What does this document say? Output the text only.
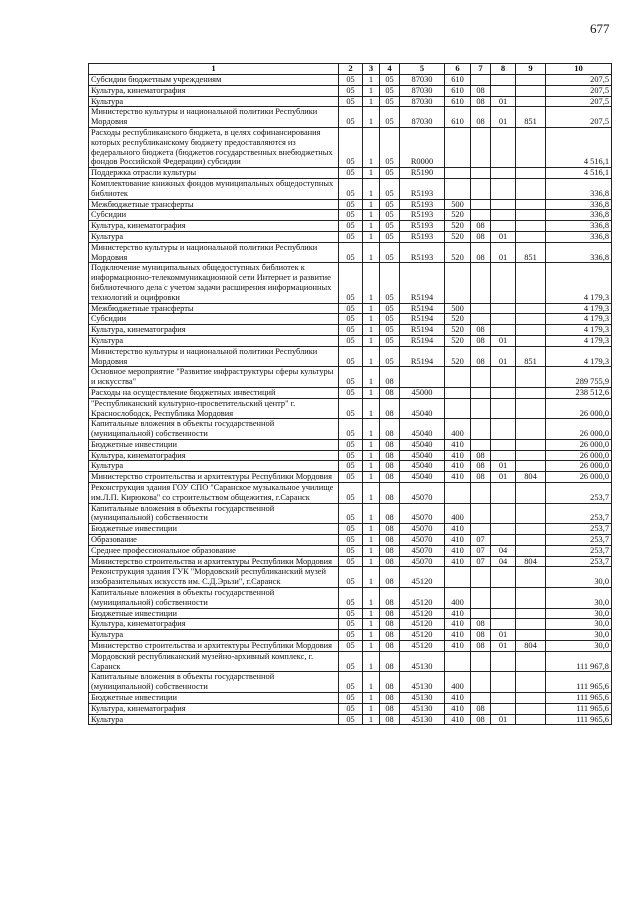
677
1	2	3	4	5	6	7	8	9	10
Субсидии бюджетным учреждениям	05	1	05	87030	610				207,5
Культура, кинематография	05	1	05	87030	610	08			207,5
Культура	05	1	05	87030	610	08	01		207,5
Министерство культуры и национальной политики Республики Мордовия	05	1	05	87030	610	08	01	851	207,5
Расходы республиканского бюджета, в целях софинансирования которых республиканскому бюджету предоставляются из федерального бюджета (бюджетов государственных внебюджетных фондов Российской Федерации) субсидии	05	1	05	R0000					4 516,1
Поддержка отрасли культуры	05	1	05	R5190					4 516,1
Комплектование книжных фондов муниципальных общедоступных библиотек	05	1	05	R5193					336,8
Межбюджетные трансферты	05	1	05	R5193	500				336,8
Субсидии	05	1	05	R5193	520				336,8
Культура, кинематография	05	1	05	R5193	520	08			336,8
Культура	05	1	05	R5193	520	08	01		336,8
Министерство культуры и национальной политики Республики Мордовия	05	1	05	R5193	520	08	01	851	336,8
Подключение муниципальных общедоступных библиотек к информационно-телекоммуникационной сети Интернет и развитие библиотечного дела с учетом задачи расширения информационных технологий и оцифровки	05	1	05	R5194					4 179,3
Межбюджетные трансферты	05	1	05	R5194	500				4 179,3
Субсидии	05	1	05	R5194	520				4 179,3
Культура, кинематография	05	1	05	R5194	520	08			4 179,3
Культура	05	1	05	R5194	520	08	01		4 179,3
Министерство культуры и национальной политики Республики Мордовия	05	1	05	R5194	520	08	01	851	4 179,3
Основное мероприятие "Развитие инфраструктуры сферы культуры и искусства"	05	1	08						289 755,9
Расходы на осуществление бюджетных инвестиций	05	1	08	45000					238 512,6
"Республиканский культурно-просветительский центр" г. Краснослободск, Республика Мордовия	05	1	08	45040					26 000,0
Капитальные вложения в объекты государственной (муниципальной) собственности	05	1	08	45040	400				26 000,0
Бюджетные инвестиции	05	1	08	45040	410				26 000,0
Культура, кинематография	05	1	08	45040	410	08			26 000,0
Культура	05	1	08	45040	410	08	01		26 000,0
Министерство строительства и архитектуры Республики Мордовия	05	1	08	45040	410	08	01	804	26 000,0
Реконструкция здания ГОУ СПО "Саранское музыкальное училище им.Л.П. Кирюкова" со строительством общежития, г.Саранск	05	1	08	45070					253,7
Капитальные вложения в объекты государственной (муниципальной) собственности	05	1	08	45070	400				253,7
Бюджетные инвестиции	05	1	08	45070	410				253,7
Образование	05	1	08	45070	410	07			253,7
Среднее профессиональное образование	05	1	08	45070	410	07	04		253,7
Министерство строительства и архитектуры Республики Мордовия	05	1	08	45070	410	07	04	804	253,7
Реконструкция здания ГУК "Мордовский республиканский музей изобразительных искусств им. С.Д.Эрьзи", г.Саранск	05	1	08	45120					30,0
Капитальные вложения в объекты государственной (муниципальной) собственности	05	1	08	45120	400				30,0
Бюджетные инвестиции	05	1	08	45120	410				30,0
Культура, кинематография	05	1	08	45120	410	08			30,0
Культура	05	1	08	45120	410	08	01		30,0
Министерство строительства и архитектуры Республики Мордовия	05	1	08	45120	410	08	01	804	30,0
Мордовский республиканский музейно-архивный комплекс, г. Саранск	05	1	08	45130					111 967,8
Капитальные вложения в объекты государственной (муниципальной) собственности	05	1	08	45130	400				111 965,6
Бюджетные инвестиции	05	1	08	45130	410				111 965,6
Культура, кинематография	05	1	08	45130	410	08			111 965,6
Культура	05	1	08	45130	410	08	01		111 965,6
